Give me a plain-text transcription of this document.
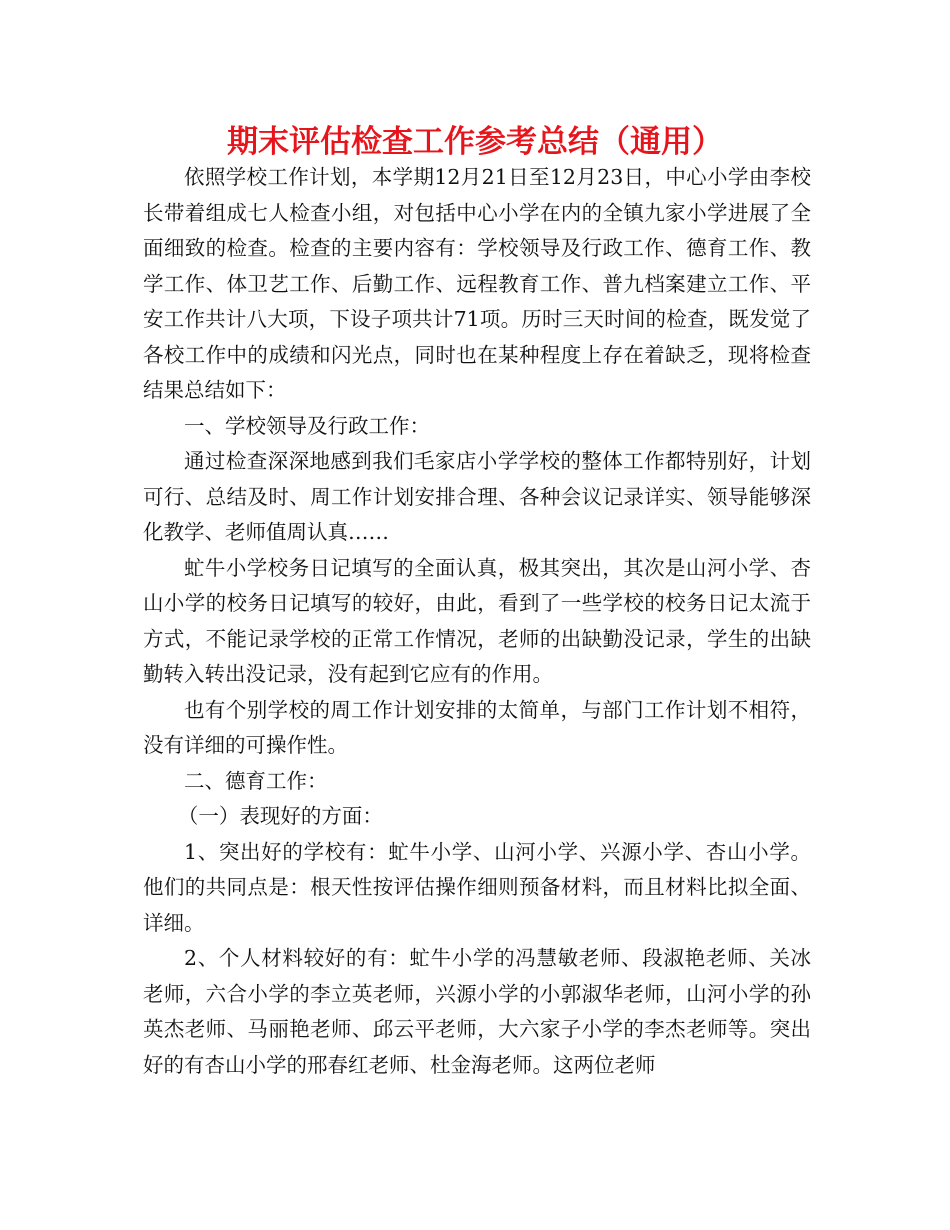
期末评估检查工作参考总结（通用）

依照学校工作计划，本学期12月21日至12月23日，中心小学由李校长带着组成七人检查小组，对包括中心小学在内的全镇九家小学进展了全面细致的检查。检查的主要内容有：学校领导及行政工作、德育工作、教学工作、体卫艺工作、后勤工作、远程教育工作、普九档案建立工作、平安工作共计八大项，下设子项共计71项。历时三天时间的检查，既发觉了各校工作中的成绩和闪光点，同时也在某种程度上存在着缺乏，现将检查结果总结如下：

一、学校领导及行政工作：

通过检查深深地感到我们毛家店小学学校的整体工作都特别好，计划可行、总结及时、周工作计划安排合理、各种会议记录详实、领导能够深化教学、老师值周认真……

虻牛小学校务日记填写的全面认真，极其突出，其次是山河小学、杏山小学的校务日记填写的较好，由此，看到了一些学校的校务日记太流于方式，不能记录学校的正常工作情况，老师的出缺勤没记录，学生的出缺勤转入转出没记录，没有起到它应有的作用。

也有个别学校的周工作计划安排的太简单，与部门工作计划不相符，没有详细的可操作性。

二、德育工作：

（一）表现好的方面：

1、突出好的学校有：虻牛小学、山河小学、兴源小学、杏山小学。他们的共同点是：根天性按评估操作细则预备材料，而且材料比拟全面、详细。

2、个人材料较好的有：虻牛小学的冯慧敏老师、段淑艳老师、关冰老师，六合小学的李立英老师，兴源小学的小郭淑华老师，山河小学的孙英杰老师、马丽艳老师、邱云平老师，大六家子小学的李杰老师等。突出好的有杏山小学的邢春红老师、杜金海老师。这两位老师
